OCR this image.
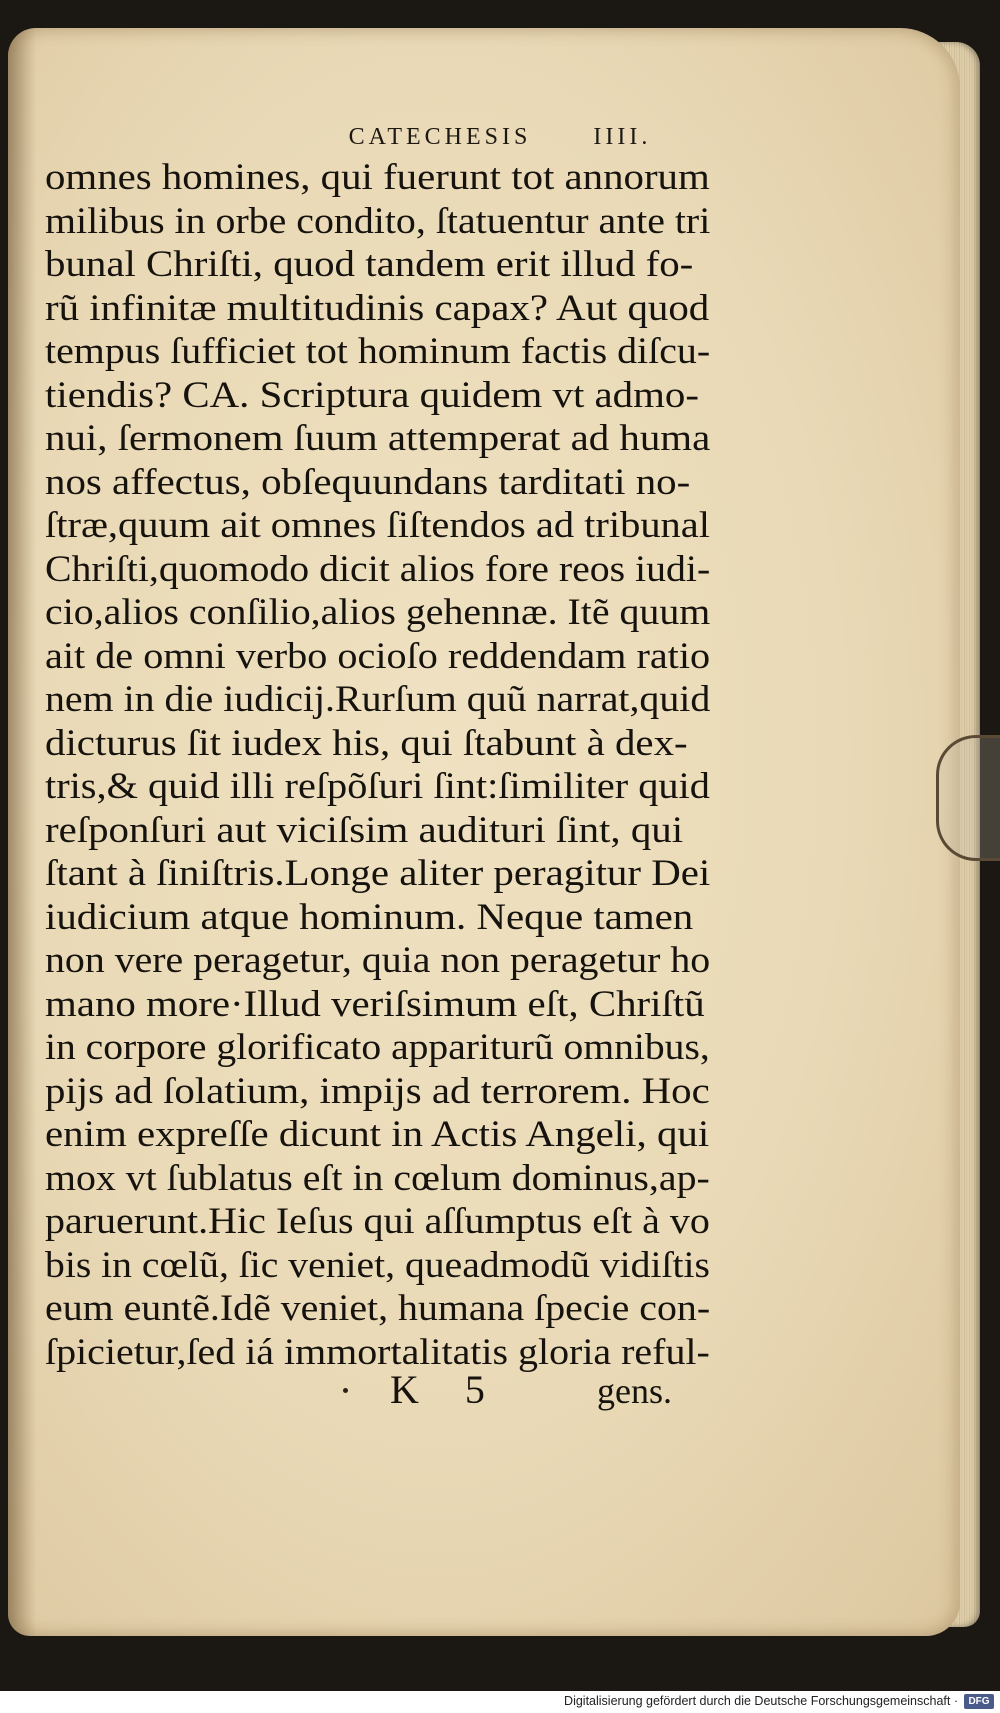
CATECHESIS	IIII.
omnes homines, qui fuerunt tot annorum
milibus in orbe condito, ſtatuentur ante tri
bunal Chriſti, quod tandem erit illud fo-
rũ infinitæ multitudinis capax? Aut quod
tempus ſufficiet tot hominum factis diſcu-
tiendis? CA. Scriptura quidem vt admo-
nui, ſermonem ſuum attemperat ad huma
nos affectus, obſequundans tarditati no-
ſtræ,quum ait omnes ſiſtendos ad tribunal
Chriſti,quomodo dicit alios fore reos iudi-
cio,alios conſilio,alios gehennæ. Itẽ quum
ait de omni verbo ocioſo reddendam ratio
nem in die iudicij.Rurſum quũ narrat,quid
dicturus ſit iudex his, qui ſtabunt à dex-
tris,& quid illi reſpõſuri ſint:ſimiliter quid
reſponſuri aut viciſsim audituri ſint, qui
ſtant à ſiniſtris.Longe aliter peragitur Dei
iudicium atque hominum. Neque tamen
non vere peragetur, quia non peragetur ho
mano more·Illud veriſsimum eſt, Chriſtũ
in corpore glorificato appariturũ omnibus,
pijs ad ſolatium, impijs ad terrorem. Hoc
enim expreſſe dicunt in Actis Angeli, qui
mox vt ſublatus eſt in cœlum dominus,ap-
paruerunt.Hic Ieſus qui aſſumptus eſt à vo
bis in cœlũ, ſic veniet, queadmodũ vidiſtis
eum euntẽ.Idẽ veniet, humana ſpecie con-
ſpicietur,ſed iá immortalitatis gloria reful-
K 5	gens.
Digitalisierung gefördert durch die Deutsche Forschungsgemeinschaft ·	DFG
